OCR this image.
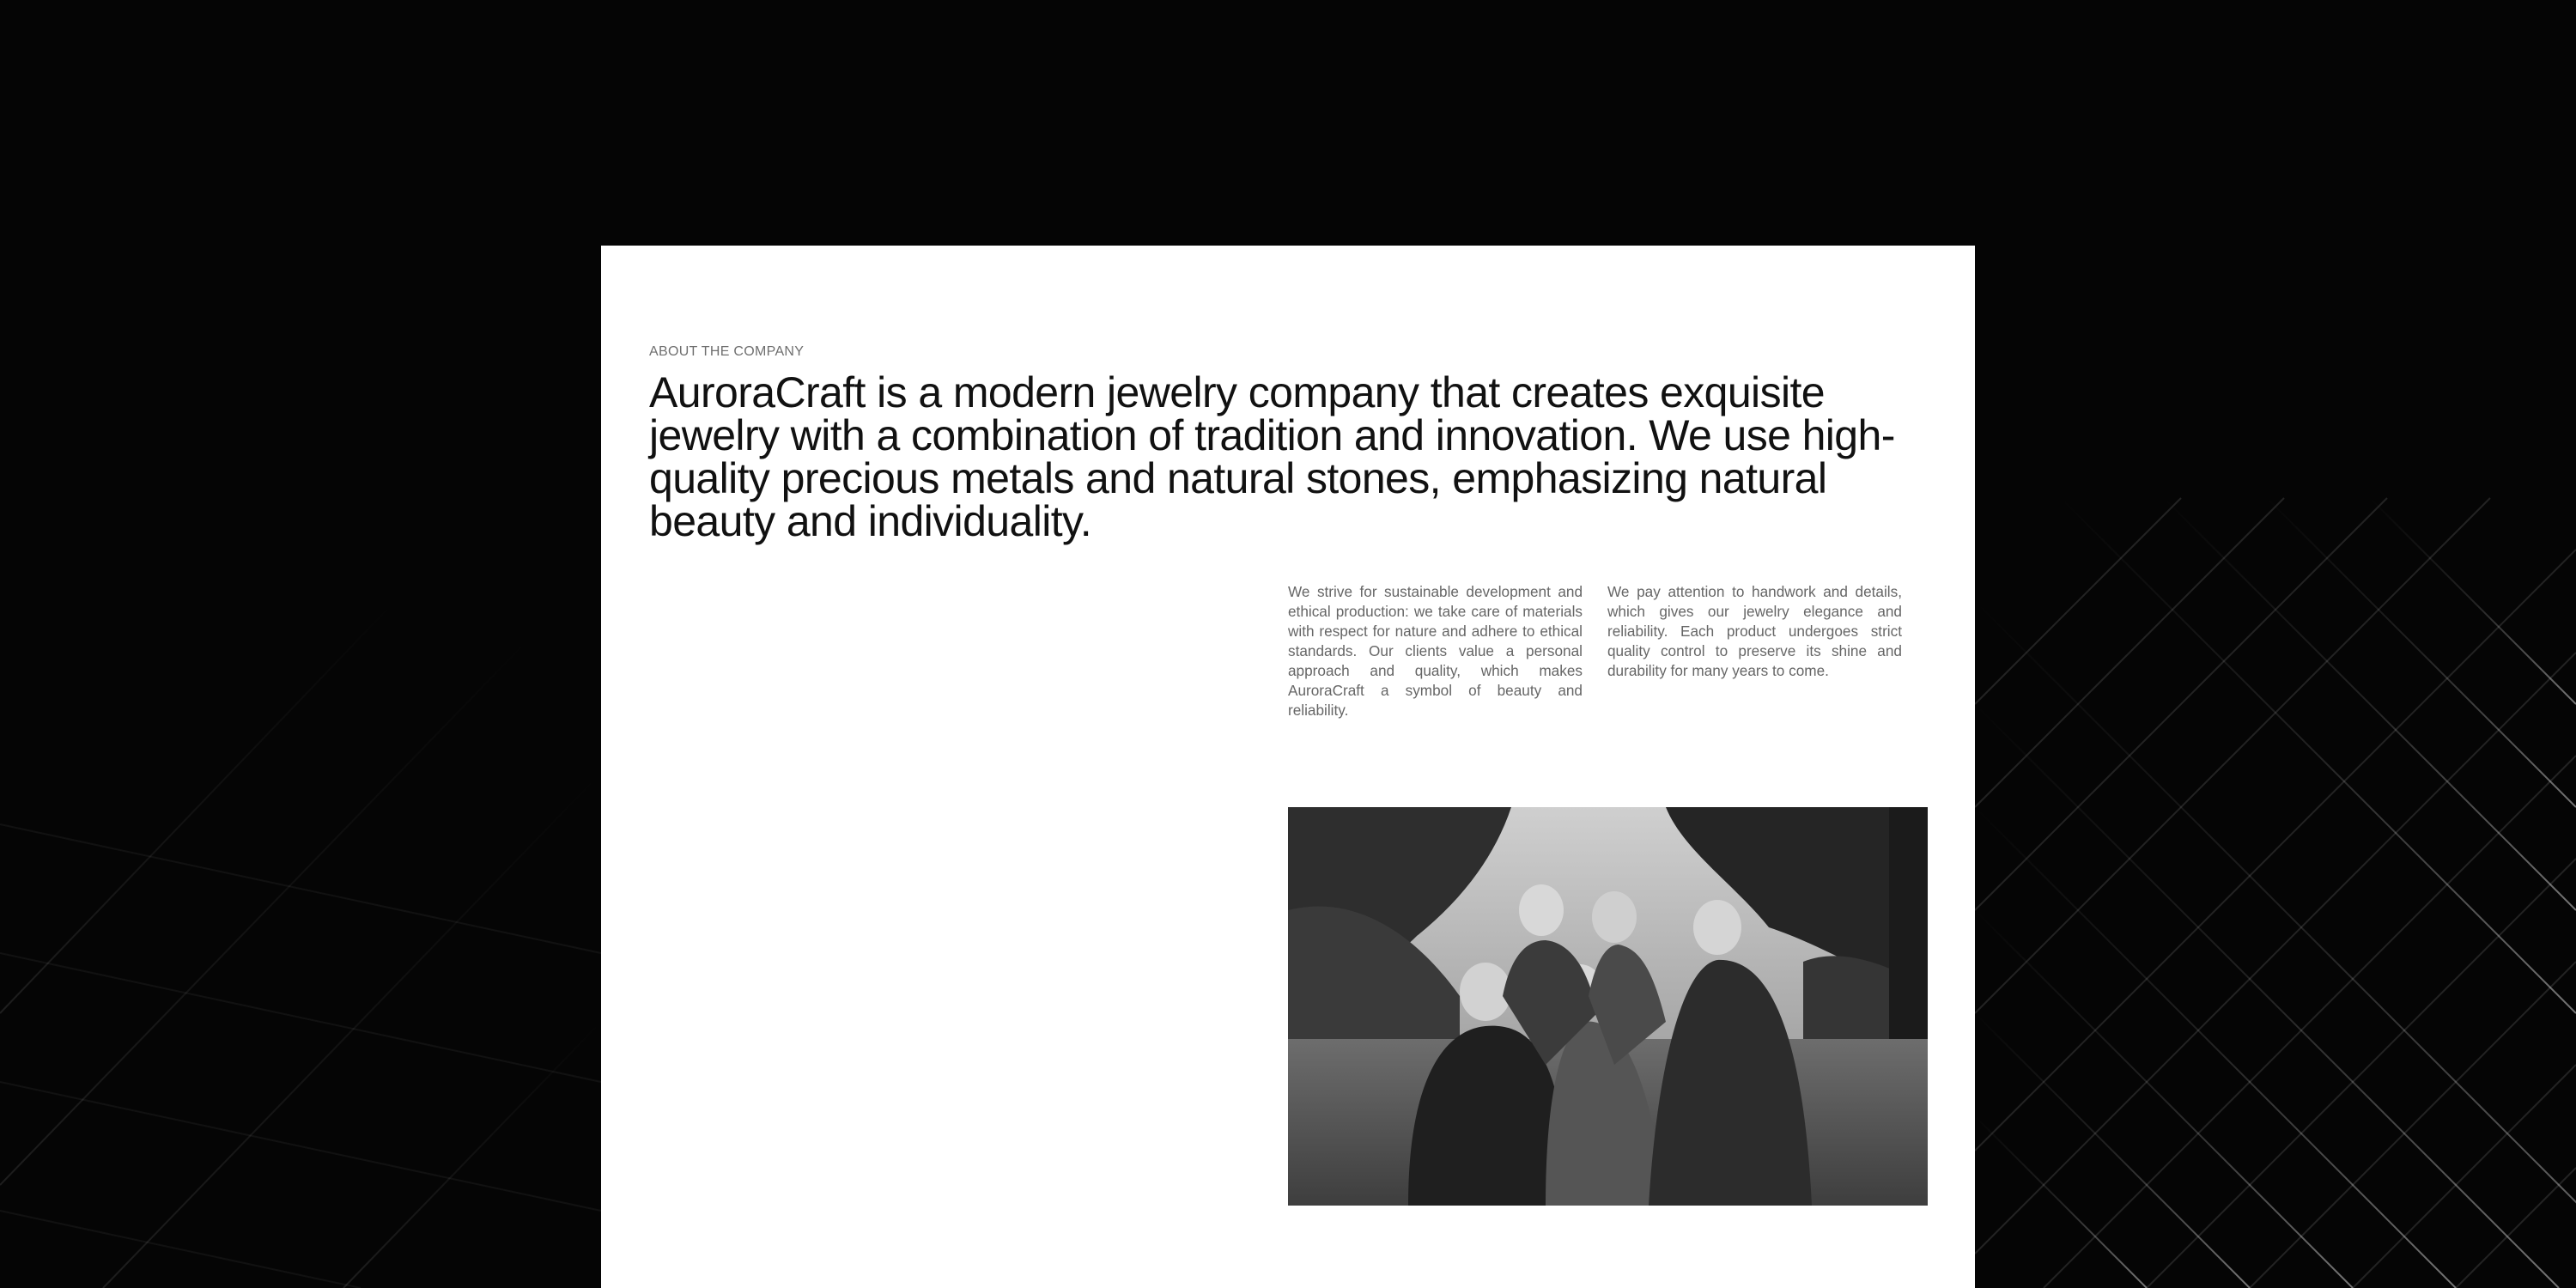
ABOUT THE COMPANY
AuroraCraft is a modern jewelry company that creates exquisite jewelry with a combination of tradition and innovation. We use high-quality precious metals and natural stones, emphasizing natural beauty and individuality.

We strive for sustainable development and ethical production: we take care of materials with respect for nature and adhere to ethical standards. Our clients value a personal approach and quality, which makes AuroraCraft a symbol of beauty and reliability.

We pay attention to handwork and details, which gives our jewelry elegance and reliability. Each product undergoes strict quality control to preserve its shine and durability for many years to come.
